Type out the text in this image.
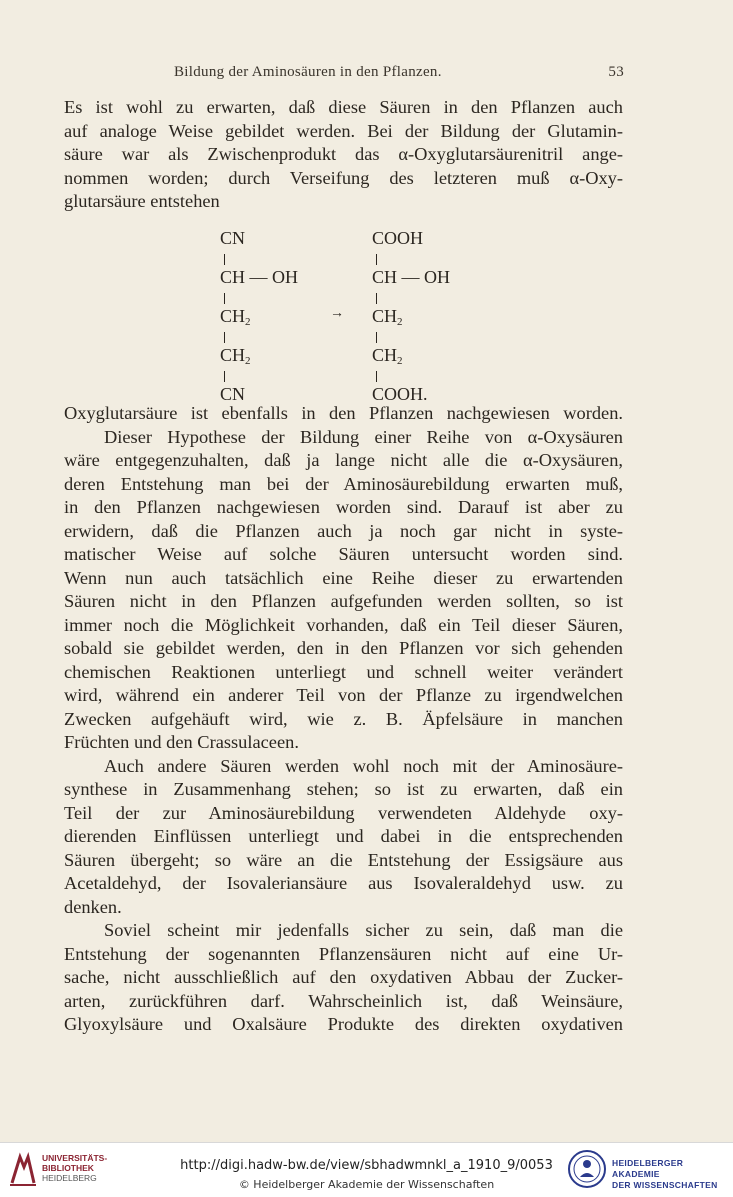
Bildung der Aminosäuren in den Pflanzen.	53
Es ist wohl zu erwarten, daß diese Säuren in den Pflanzen auch
auf analoge Weise gebildet werden. Bei der Bildung der Glutamin-
säure war als Zwischenprodukt das α-Oxyglutarsäurenitril ange-
nommen worden; durch Verseifung des letzteren muß α-Oxy-
glutarsäure entstehen
CN
CH — OH
$CH_2$
$CH_2$
CN
→
COOH
CH — OH
$CH_2$
$CH_2$
COOH.
Oxyglutarsäure ist ebenfalls in den Pflanzen nachgewiesen worden.
Dieser Hypothese der Bildung einer Reihe von α-Oxysäuren
wäre entgegenzuhalten, daß ja lange nicht alle die α-Oxysäuren,
deren Entstehung man bei der Aminosäurebildung erwarten muß,
in den Pflanzen nachgewiesen worden sind. Darauf ist aber zu
erwidern, daß die Pflanzen auch ja noch gar nicht in syste-
matischer Weise auf solche Säuren untersucht worden sind.
Wenn nun auch tatsächlich eine Reihe dieser zu erwartenden
Säuren nicht in den Pflanzen aufgefunden werden sollten, so ist
immer noch die Möglichkeit vorhanden, daß ein Teil dieser Säuren,
sobald sie gebildet werden, den in den Pflanzen vor sich gehenden
chemischen Reaktionen unterliegt und schnell weiter verändert
wird, während ein anderer Teil von der Pflanze zu irgendwelchen
Zwecken aufgehäuft wird, wie z. B. Äpfelsäure in manchen
Früchten und den Crassulaceen.
Auch andere Säuren werden wohl noch mit der Aminosäure-
synthese in Zusammenhang stehen; so ist zu erwarten, daß ein
Teil der zur Aminosäurebildung verwendeten Aldehyde oxy-
dierenden Einflüssen unterliegt und dabei in die entsprechenden
Säuren übergeht; so wäre an die Entstehung der Essigsäure aus
Acetaldehyd, der Isovaleriansäure aus Isovaleraldehyd usw. zu
denken.
Soviel scheint mir jedenfalls sicher zu sein, daß man die
Entstehung der sogenannten Pflanzensäuren nicht auf eine Ur-
sache, nicht ausschließlich auf den oxydativen Abbau der Zucker-
arten, zurückführen darf. Wahrscheinlich ist, daß Weinsäure,
Glyoxylsäure und Oxalsäure Produkte des direkten oxydativen
UNIVERSITÄTS-
BIBLIOTHEK
HEIDELBERG
http://digi.hadw-bw.de/view/sbhadwmnkl_a_1910_9/0053
© Heidelberger Akademie der Wissenschaften
HEIDELBERGER AKADEMIE
DER WISSENSCHAFTEN
